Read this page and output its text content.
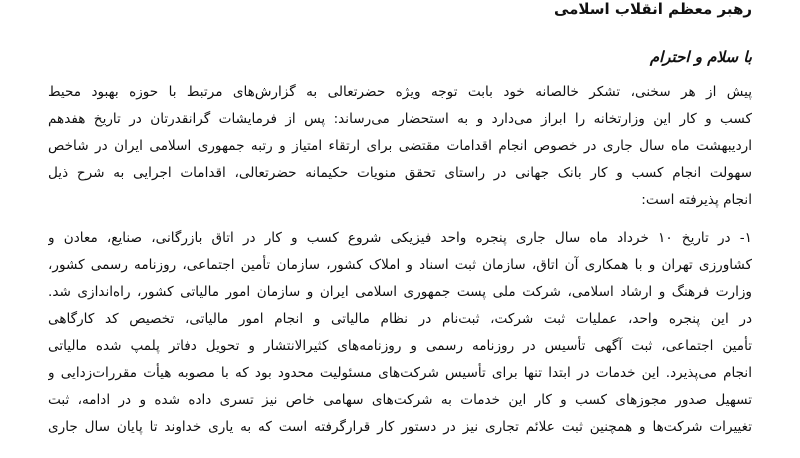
رهبر معظم انقلاب اسلامی
با سلام و احترام
پیش از هر سخنی، تشکر خالصانه خود بابت توجه ویژه حضرتعالی به گزارش‌های مرتبط با حوزه بهبود محیط
کسب و کار این وزارتخانه را ابراز می‌دارد و به استحضار می‌رساند: پس از فرمایشات گرانقدرتان در تاریخ هفدهم
اردیبهشت ماه سال جاری در خصوص انجام اقدامات مقتضی برای ارتقاء امتیاز و رتبه جمهوری اسلامی ایران در شاخص
سهولت انجام کسب و کار بانک جهانی در راستای تحقق منویات حکیمانه حضرتعالی، اقدامات اجرایی به شرح ذیل
انجام پذیرفته است:
۱- در تاریخ ۱۰ خرداد ماه سال جاری پنجره واحد فیزیکی شروع کسب و کار در اتاق بازرگانی، صنایع، معادن و
کشاورزی تهران و با همکاری آن اتاق، سازمان ثبت اسناد و املاک کشور، سازمان تأمین اجتماعی، روزنامه رسمی کشور،
وزارت فرهنگ و ارشاد اسلامی، شرکت ملی پست جمهوری اسلامی ایران و سازمان امور مالیاتی کشور، راه‌اندازی شد.
در این پنجره واحد، عملیات ثبت شرکت، ثبت‌نام در نظام مالیاتی و انجام امور مالیاتی، تخصیص کد کارگاهی
تأمین اجتماعی، ثبت آگهی تأسیس در روزنامه رسمی و روزنامه‌های کثیرالانتشار و تحویل دفاتر پلمپ شده مالیاتی
انجام می‌پذیرد. این خدمات در ابتدا تنها برای تأسیس شرکت‌های مسئولیت محدود بود که با مصوبه هیأت مقررات‌زدایی و
تسهیل صدور مجوزهای کسب و کار این خدمات به شرکت‌های سهامی خاص نیز تسری داده شده و در ادامه، ثبت
تغییرات شرکت‌ها و همچنین ثبت علائم تجاری نیز در دستور کار قرارگرفته است که به یاری خداوند تا پایان سال جاری
